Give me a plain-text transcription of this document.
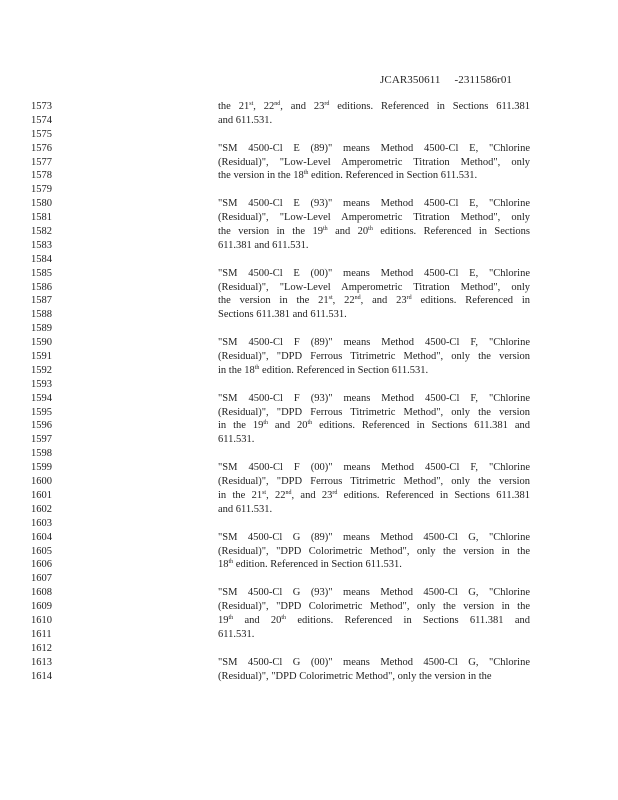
JCAR350611 -2311586r01
1573
1574
1575
1576
1577
1578
1579
1580
1581
1582
1583
1584
1585
1586
1587
1588
1589
1590
1591
1592
1593
1594
1595
1596
1597
1598
1599
1600
1601
1602
1603
1604
1605
1606
1607
1608
1609
1610
1611
1612
1613
1614
the 21st, 22nd, and 23rd editions. Referenced in Sections 611.381
and 611.531.
"SM 4500-Cl E (89)" means Method 4500-Cl E, "Chlorine
(Residual)", "Low-Level Amperometric Titration Method", only
the version in the 18th edition. Referenced in Section 611.531.
"SM 4500-Cl E (93)" means Method 4500-Cl E, "Chlorine
(Residual)", "Low-Level Amperometric Titration Method", only
the version in the 19th and 20th editions. Referenced in Sections
611.381 and 611.531.
"SM 4500-Cl E (00)" means Method 4500-Cl E, "Chlorine
(Residual)", "Low-Level Amperometric Titration Method", only
the version in the 21st, 22nd, and 23rd editions. Referenced in
Sections 611.381 and 611.531.
"SM 4500-Cl F (89)" means Method 4500-Cl F, "Chlorine
(Residual)", "DPD Ferrous Titrimetric Method", only the version
in the 18th edition. Referenced in Section 611.531.
"SM 4500-Cl F (93)" means Method 4500-Cl F, "Chlorine
(Residual)", "DPD Ferrous Titrimetric Method", only the version
in the 19th and 20th editions. Referenced in Sections 611.381 and
611.531.
"SM 4500-Cl F (00)" means Method 4500-Cl F, "Chlorine
(Residual)", "DPD Ferrous Titrimetric Method", only the version
in the 21st, 22nd, and 23rd editions. Referenced in Sections 611.381
and 611.531.
"SM 4500-Cl G (89)" means Method 4500-Cl G, "Chlorine
(Residual)", "DPD Colorimetric Method", only the version in the
18th edition. Referenced in Section 611.531.
"SM 4500-Cl G (93)" means Method 4500-Cl G, "Chlorine
(Residual)", "DPD Colorimetric Method", only the version in the
19th and 20th editions. Referenced in Sections 611.381 and
611.531.
"SM 4500-Cl G (00)" means Method 4500-Cl G, "Chlorine
(Residual)", "DPD Colorimetric Method", only the version in the
